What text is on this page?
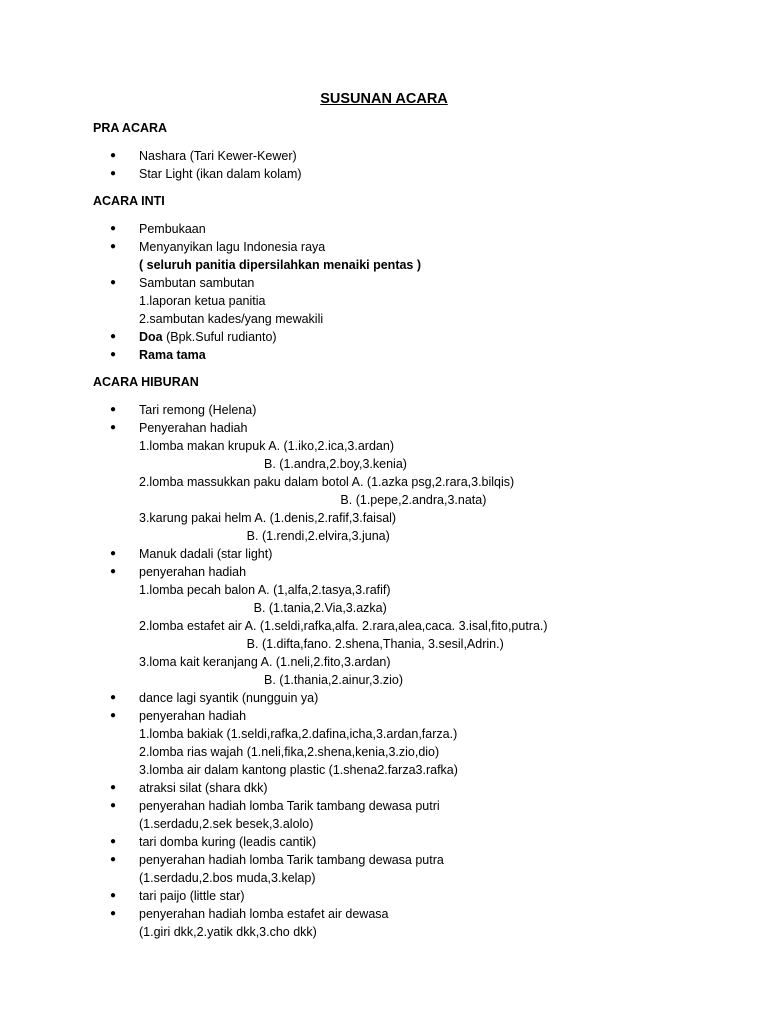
SUSUNAN ACARA
PRA ACARA
●	Nashara (Tari Kewer-Kewer)
●	Star Light (ikan dalam kolam)
ACARA INTI
●	Pembukaan
●	Menyanyikan lagu Indonesia raya
( seluruh panitia dipersilahkan menaiki pentas )
●	Sambutan sambutan
1.laporan ketua panitia
2.sambutan kades/yang mewakili
●	Doa (Bpk.Suful rudianto)
●	Rama tama
ACARA HIBURAN
●	Tari remong (Helena)
●	Penyerahan hadiah
1.lomba makan krupuk A. (1.iko,2.ica,3.ardan)
B. (1.andra,2.boy,3.kenia)
2.lomba massukkan paku dalam botol A. (1.azka psg,2.rara,3.bilqis)
B. (1.pepe,2.andra,3.nata)
3.karung pakai helm A. (1.denis,2.rafif,3.faisal)
B. (1.rendi,2.elvira,3.juna)
●	Manuk dadali (star light)
●	penyerahan hadiah
1.lomba pecah balon A. (1,alfa,2.tasya,3.rafif)
B. (1.tania,2.Via,3.azka)
2.lomba estafet air A. (1.seldi,rafka,alfa. 2.rara,alea,caca. 3.isal,fito,putra.)
B. (1.difta,fano. 2.shena,Thania, 3.sesil,Adrin.)
3.loma kait keranjang A. (1.neli,2.fito,3.ardan)
B. (1.thania,2.ainur,3.zio)
●	dance lagi syantik (nungguin ya)
●	penyerahan hadiah
1.lomba bakiak (1.seldi,rafka,2.dafina,icha,3.ardan,farza.)
2.lomba rias wajah (1.neli,fika,2.shena,kenia,3.zio,dio)
3.lomba air dalam kantong plastic (1.shena2.farza3.rafka)
●	atraksi silat (shara dkk)
●	penyerahan hadiah lomba Tarik tambang dewasa putri
(1.serdadu,2.sek besek,3.alolo)
●	tari domba kuring (leadis cantik)
●	penyerahan hadiah lomba Tarik tambang dewasa putra
(1.serdadu,2.bos muda,3.kelap)
●	tari paijo (little star)
●	penyerahan hadiah lomba estafet air dewasa
(1.giri dkk,2.yatik dkk,3.cho dkk)
